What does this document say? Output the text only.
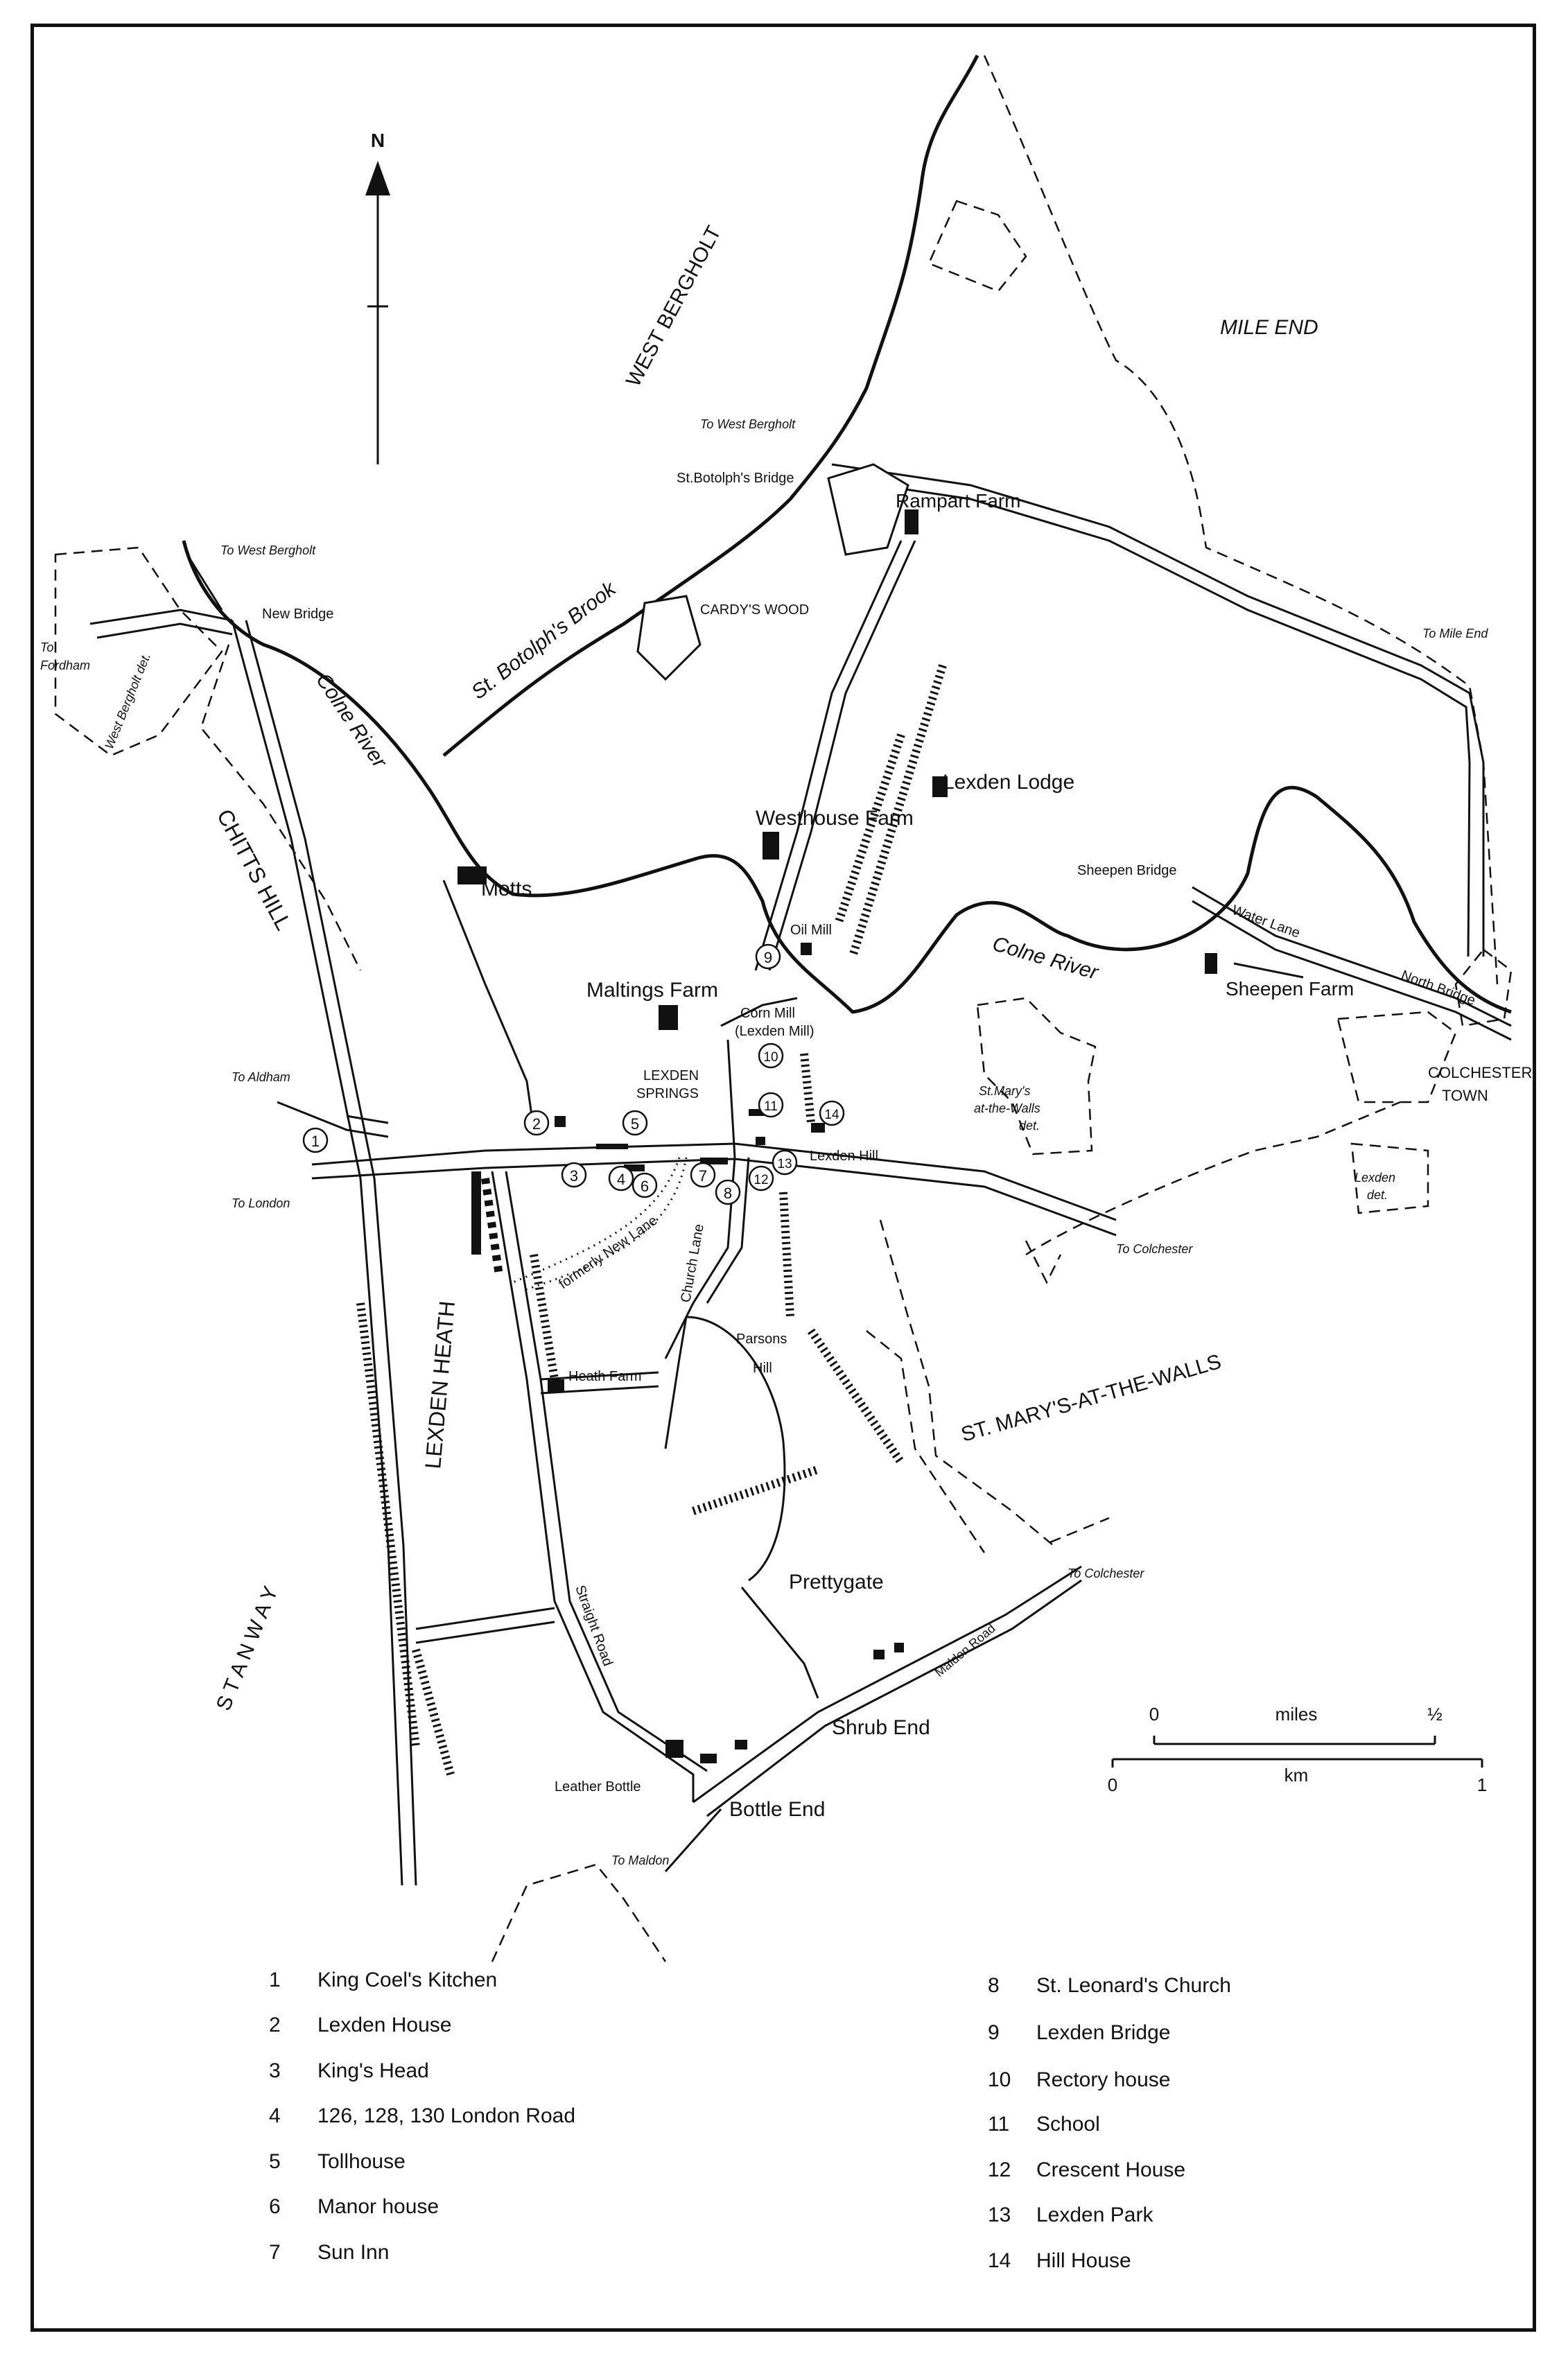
N
1
2
3	4
5
6
7
8
9
10
11
12
13
14
WEST BERGHOLT	MILE END
CHITTS HILL
LEXDEN HEATH
S T A N W A Y
ST. MARY'S-AT-THE-WALLS
COLCHESTER
TOWN
St.Botolph's Bridge
Rampart Farm
CARDY'S WOOD
New Bridge
Lexden Lodge
Westhouse Farm
Motts
Sheepen Bridge
Water Lane
North Bridge
Sheepen Farm
Oil Mill
Maltings Farm
Corn Mill
(Lexden Mill)
LEXDEN
SPRINGS
Lexden Hill
Church Lane
formerly New Lane
Parsons
Hill
Heath Farm
Prettygate
Straight Road	Maldon Road
Shrub End
Leather Bottle
Bottle End
St.Mary's
at-the-Walls
det.
Lexden
det.
West Bergholt det.	St. Botolph's Brook
Colne River
Colne River
To West Bergholt
To West Bergholt
To
Fordham
To Mile End
To Aldham
To London
To Colchester
To Colchester
To Maldon
0	miles	½
0	km	1
1	King Coel's Kitchen
2	Lexden House
3	King's Head
4	126, 128, 130 London Road
5	Tollhouse
6	Manor house
7	Sun Inn
8	St. Leonard's Church
9	Lexden Bridge
10	Rectory house
11	School
12	Crescent House
13	Lexden Park
14	Hill House
